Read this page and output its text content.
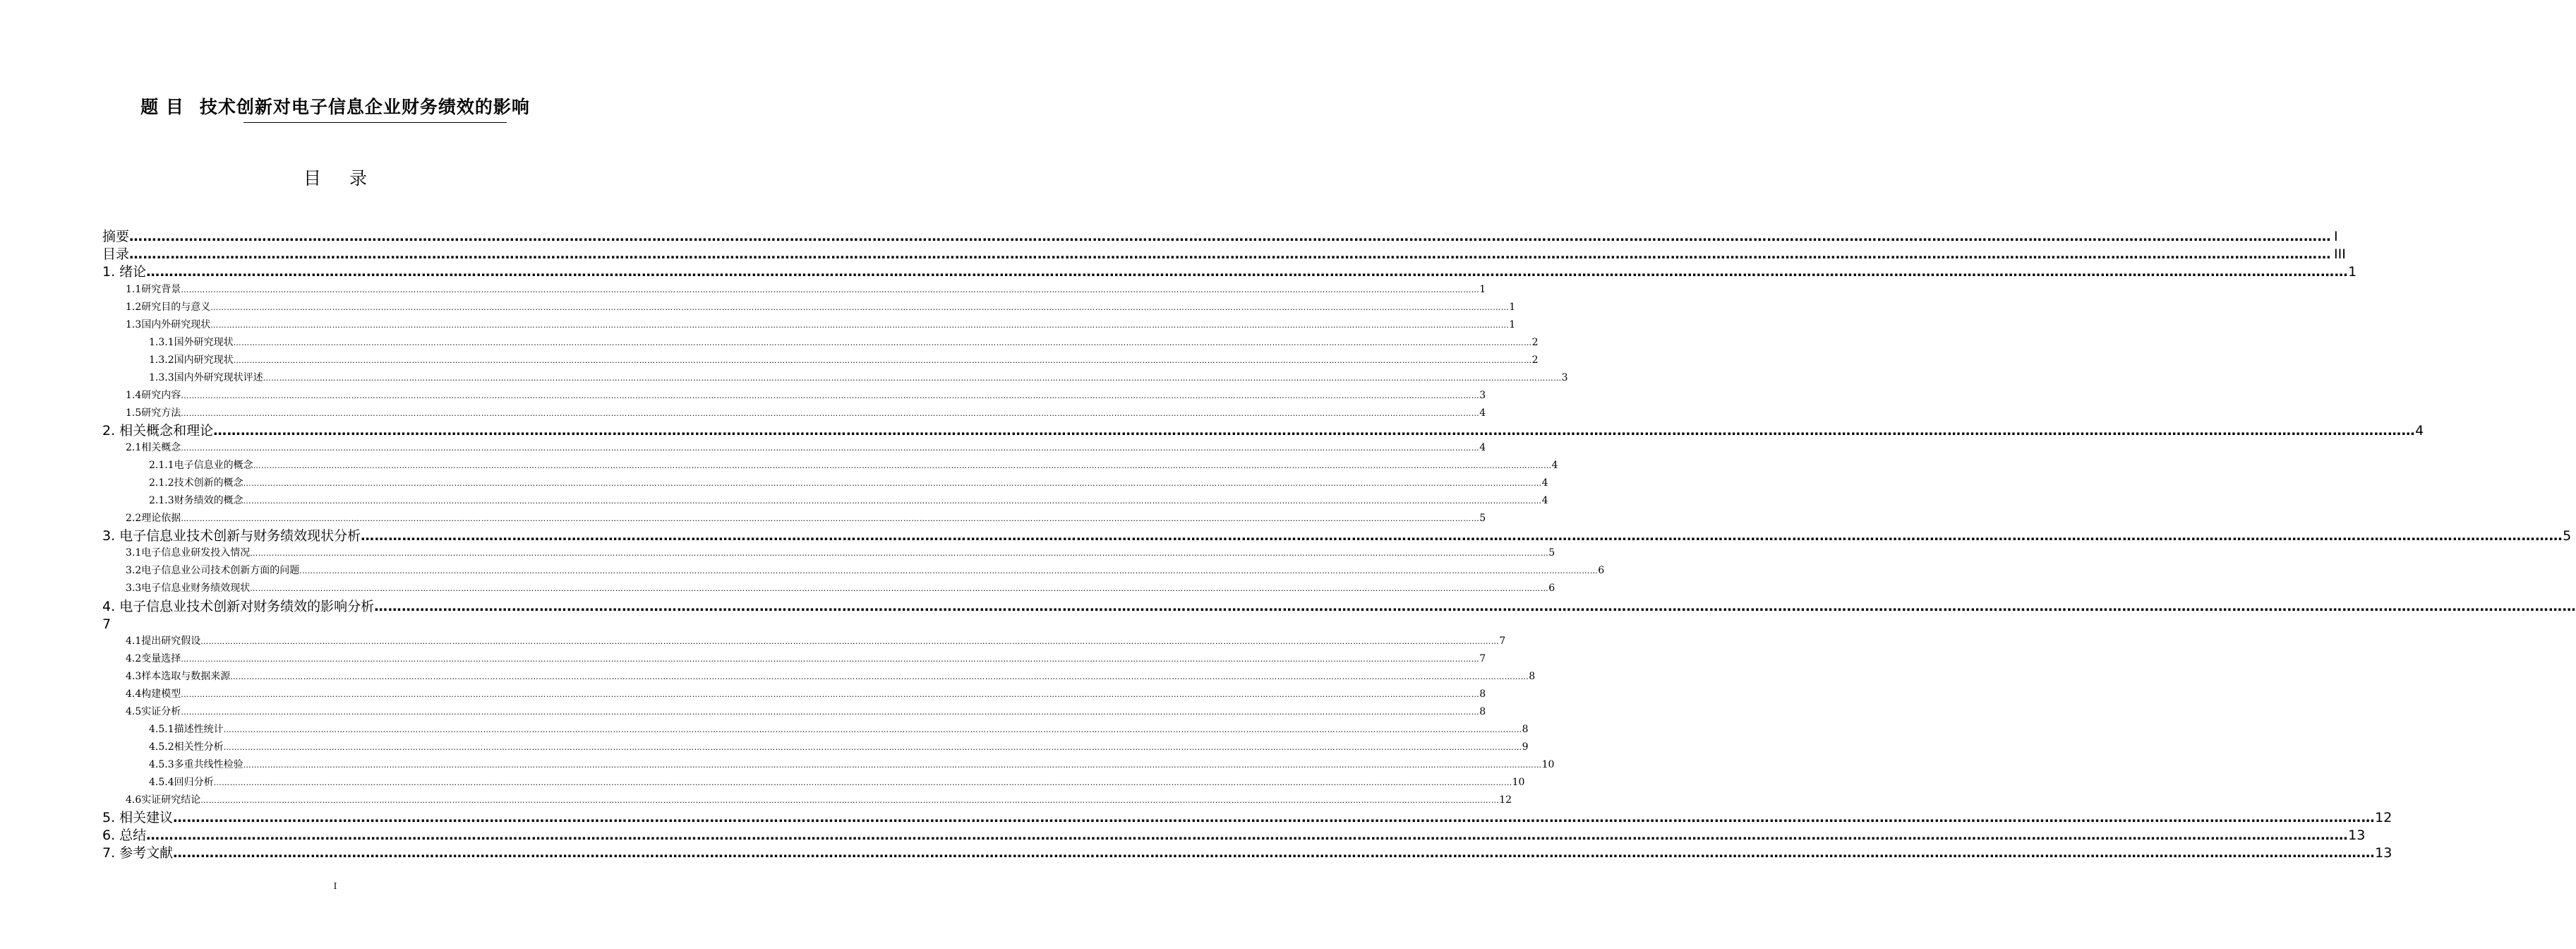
题 目 技术创新对电子信息企业财务绩效的影响
目 录
摘要 ………………………………………………………………………………………………………………………………………………………………………………………………………………………………………………………………………………………………………………………………………………………………………………………………………………………………………… I
目录 ………………………………………………………………………………………………………………………………………………………………………………………………………………………………………………………………………………………………………………………………………………………………………………………………………………………………………… III
1. 绪论 ………………………………………………………………………………………………………………………………………………………………………………………………………………………………………………………………………………………………………………………………………………………………………………………………………………………………………… 1
1.1研究背景 ………………………………………………………………………………………………………………………………………………………………………………………………………………………………………………………………………………………………………………………………………………………………………………………………………………………………………… 1
1.2研究目的与意义 ………………………………………………………………………………………………………………………………………………………………………………………………………………………………………………………………………………………………………………………………………………………………………………………………………………………………………… 1
1.3国内外研究现状 ………………………………………………………………………………………………………………………………………………………………………………………………………………………………………………………………………………………………………………………………………………………………………………………………………………………………………… 1
1.3.1国外研究现状 ………………………………………………………………………………………………………………………………………………………………………………………………………………………………………………………………………………………………………………………………………………………………………………………………………………………………………… 2
1.3.2国内研究现状 ………………………………………………………………………………………………………………………………………………………………………………………………………………………………………………………………………………………………………………………………………………………………………………………………………………………………………… 2
1.3.3国内外研究现状评述 ………………………………………………………………………………………………………………………………………………………………………………………………………………………………………………………………………………………………………………………………………………………………………………………………………………………………………… 3
1.4研究内容 ………………………………………………………………………………………………………………………………………………………………………………………………………………………………………………………………………………………………………………………………………………………………………………………………………………………………………… 3
1.5研究方法 ………………………………………………………………………………………………………………………………………………………………………………………………………………………………………………………………………………………………………………………………………………………………………………………………………………………………………… 4
2. 相关概念和理论 ………………………………………………………………………………………………………………………………………………………………………………………………………………………………………………………………………………………………………………………………………………………………………………………………………………………………………… 4
2.1相关概念 ………………………………………………………………………………………………………………………………………………………………………………………………………………………………………………………………………………………………………………………………………………………………………………………………………………………………………… 4
2.1.1电子信息业的概念 ………………………………………………………………………………………………………………………………………………………………………………………………………………………………………………………………………………………………………………………………………………………………………………………………………………………………………… 4
2.1.2技术创新的概念 ………………………………………………………………………………………………………………………………………………………………………………………………………………………………………………………………………………………………………………………………………………………………………………………………………………………………………… 4
2.1.3财务绩效的概念 ………………………………………………………………………………………………………………………………………………………………………………………………………………………………………………………………………………………………………………………………………………………………………………………………………………………………………… 4
2.2理论依据 ………………………………………………………………………………………………………………………………………………………………………………………………………………………………………………………………………………………………………………………………………………………………………………………………………………………………………… 5
3. 电子信息业技术创新与财务绩效现状分析 ………………………………………………………………………………………………………………………………………………………………………………………………………………………………………………………………………………………………………………………………………………………………………………………………………………………………………… 5
3.1电子信息业研发投入情况 ………………………………………………………………………………………………………………………………………………………………………………………………………………………………………………………………………………………………………………………………………………………………………………………………………………………………………… 5
3.2电子信息业公司技术创新方面的问题 ………………………………………………………………………………………………………………………………………………………………………………………………………………………………………………………………………………………………………………………………………………………………………………………………………………………………………… 6
3.3电子信息业财务绩效现状 ………………………………………………………………………………………………………………………………………………………………………………………………………………………………………………………………………………………………………………………………………………………………………………………………………………………………………… 6
4. 电子信息业技术创新对财务绩效的影响分析 …………………………………………………………………………………………………………………………………………………………………………………………………………………………………………………………………………………………………………………………………………………………………………………………………………………………………………
7
4.1提出研究假设 ………………………………………………………………………………………………………………………………………………………………………………………………………………………………………………………………………………………………………………………………………………………………………………………………………………………………………… 7
4.2变量选择 ………………………………………………………………………………………………………………………………………………………………………………………………………………………………………………………………………………………………………………………………………………………………………………………………………………………………………… 7
4.3样本选取与数据来源 ………………………………………………………………………………………………………………………………………………………………………………………………………………………………………………………………………………………………………………………………………………………………………………………………………………………………………… 8
4.4构建模型 ………………………………………………………………………………………………………………………………………………………………………………………………………………………………………………………………………………………………………………………………………………………………………………………………………………………………………… 8
4.5实证分析 ………………………………………………………………………………………………………………………………………………………………………………………………………………………………………………………………………………………………………………………………………………………………………………………………………………………………………… 8
4.5.1描述性统计 ………………………………………………………………………………………………………………………………………………………………………………………………………………………………………………………………………………………………………………………………………………………………………………………………………………………………………… 8
4.5.2相关性分析 ………………………………………………………………………………………………………………………………………………………………………………………………………………………………………………………………………………………………………………………………………………………………………………………………………………………………………… 9
4.5.3多重共线性检验 ………………………………………………………………………………………………………………………………………………………………………………………………………………………………………………………………………………………………………………………………………………………………………………………………………………………………………… 10
4.5.4回归分析 ………………………………………………………………………………………………………………………………………………………………………………………………………………………………………………………………………………………………………………………………………………………………………………………………………………………………………… 10
4.6实证研究结论 ………………………………………………………………………………………………………………………………………………………………………………………………………………………………………………………………………………………………………………………………………………………………………………………………………………………………………… 12
5. 相关建议 ………………………………………………………………………………………………………………………………………………………………………………………………………………………………………………………………………………………………………………………………………………………………………………………………………………………………………… 12
6. 总结 ………………………………………………………………………………………………………………………………………………………………………………………………………………………………………………………………………………………………………………………………………………………………………………………………………………………………………… 13
7. 参考文献 ………………………………………………………………………………………………………………………………………………………………………………………………………………………………………………………………………………………………………………………………………………………………………………………………………………………………………… 13
I
